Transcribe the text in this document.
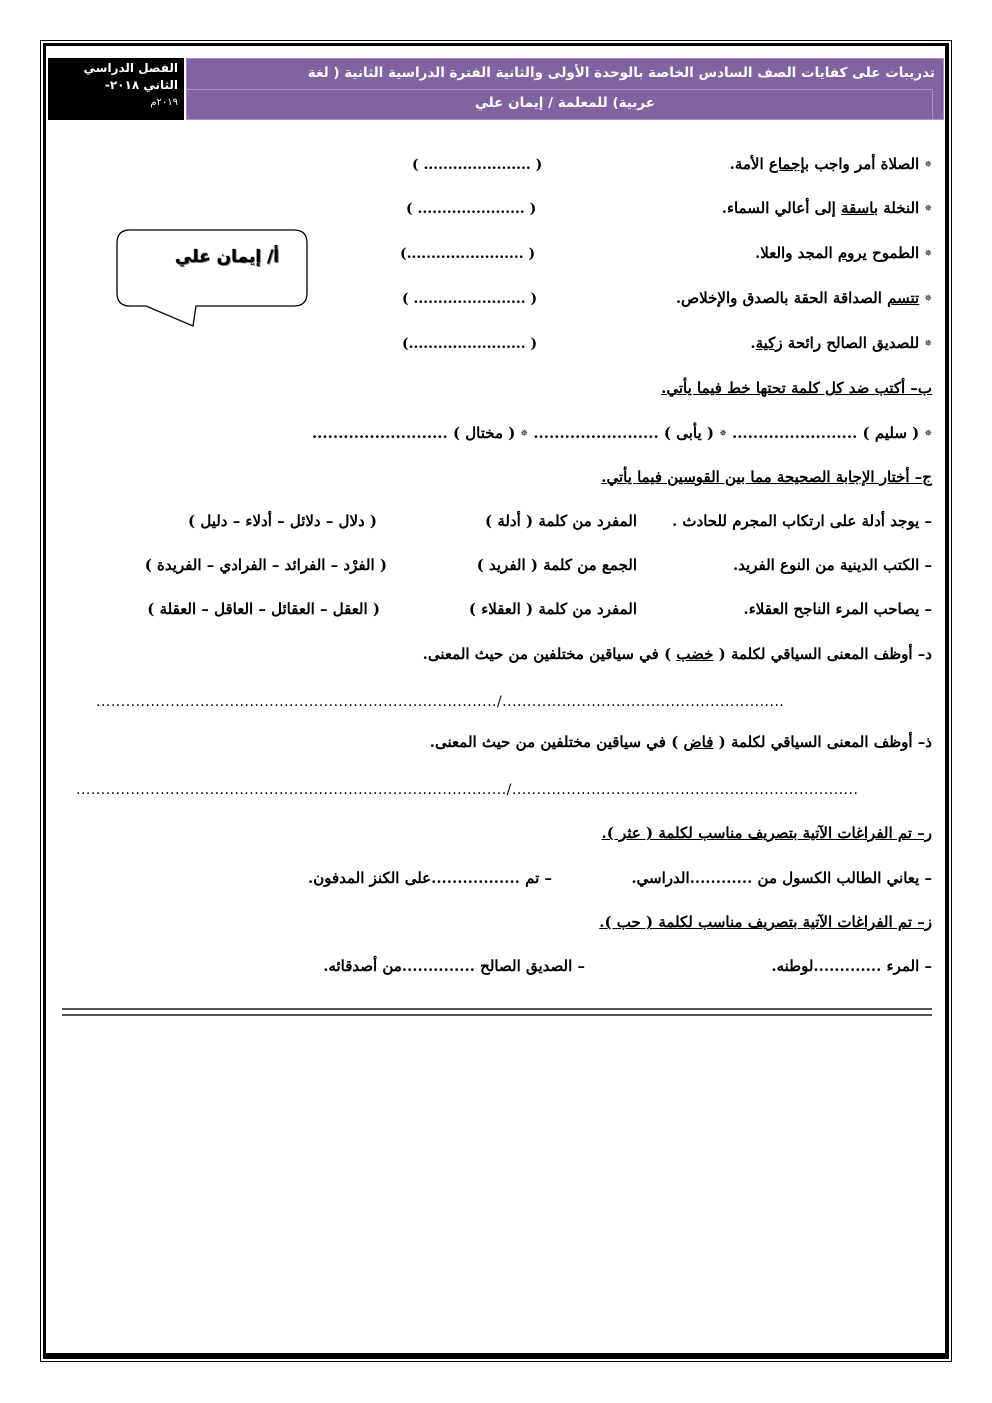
الفصل الدراسي
الثاني ٢٠١٨-
٢٠١٩م
تدريبات على كفايات الصف السادس الخاصة بالوحدة الأولى والثانية الفترة الدراسية الثانية ( لغة
عربية) للمعلمة / إيمان علي
أ/ إيمان علي
✵ الصلاة أمر واجب بإجماع الأمة.
( ...................... )
✵ النخلة باسقة إلى أعالي السماء.
( ...................... )
✵ الطموح يروم المجد والعلا.
(........................ )
✵ تتسم الصداقة الحقة بالصدق والإخلاص.
( ....................... )
✵ للصديق الصالح رائحة زكية.
(........................ )
ب– أكتب ضد كل كلمة تحتها خط فيما يأتي.
✵ ( سليم ) ........................ ✵ ( يأبى ) ........................ ✵ ( مختال ) ..........................
ج– أختار الإجابة الصحيحة مما بين القوسين فيما يأتي.
– يوجد أدلة على ارتكاب المجرم للحادث .
المفرد من كلمة ( أدلة )
( دلال – دلائل – أدلاء – دليل )
– الكتب الدينية من النوع الفريد.
الجمع من كلمة ( الفريد )
( الفرْد – الفرائد – الفرادي – الفريدة )
– يصاحب المرء الناجح العقلاء.
المفرد من كلمة ( العقلاء )
( العقل – العقائل – العاقل – العقلة )
د– أوظف المعنى السياقي لكلمة ( خضب ) في سياقين مختلفين من حيث المعنى.
................................................................................./.........................................................
ذ– أوظف المعنى السياقي لكلمة ( فاض ) في سياقين مختلفين من حيث المعنى.
......................................................................................./......................................................................
ر– تم الفراغات الآتية بتصريف مناسب لكلمة ( عثر ).
– يعاني الطالب الكسول من ............الدراسي.
– تم .................على الكنز المدفون.
ز– تم الفراغات الآتية بتصريف مناسب لكلمة ( حب ).
– المرء .............لوطنه.
– الصديق الصالح ..............من أصدقائه.
